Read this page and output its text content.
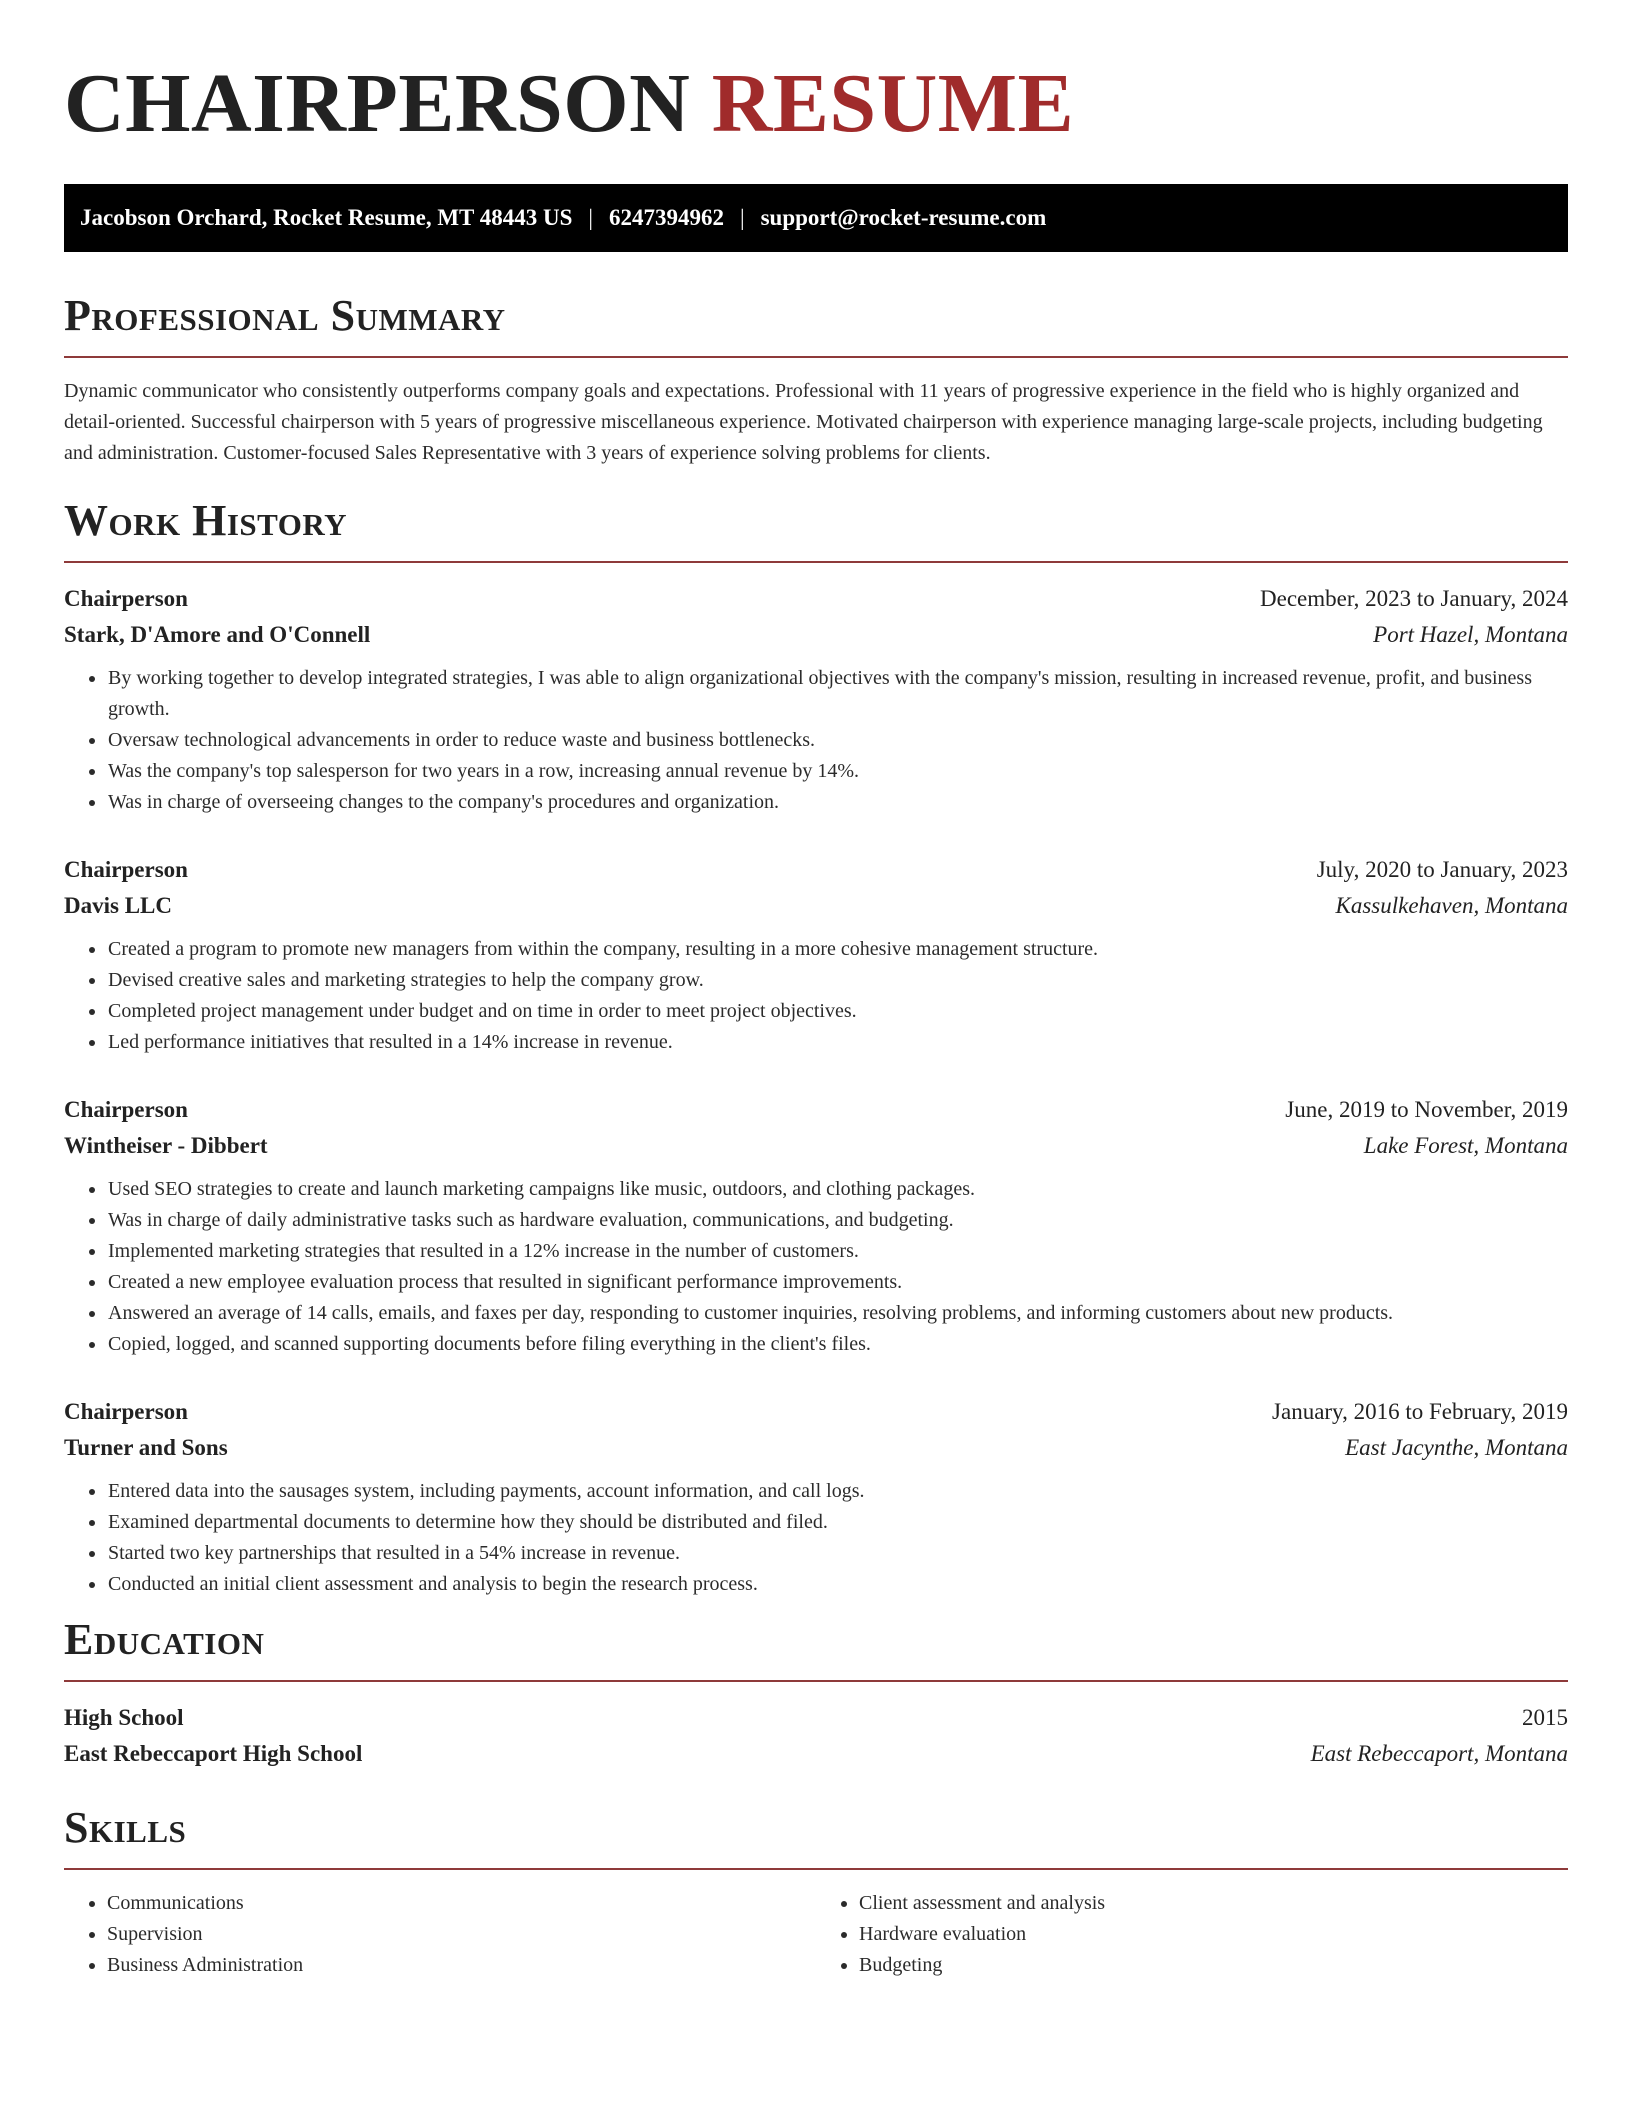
CHAIRPERSON RESUME
Jacobson Orchard, Rocket Resume, MT 48443 US | 6247394962 | support@rocket-resume.com
Professional Summary

Dynamic communicator who consistently outperforms company goals and expectations. Professional with 11 years of progressive experience in the field who is highly organized and detail-oriented. Successful chairperson with 5 years of progressive miscellaneous experience. Motivated chairperson with experience managing large-scale projects, including budgeting and administration. Customer-focused Sales Representative with 3 years of experience solving problems for clients.

Work History
Chairperson	December, 2023 to January, 2024
Stark, D'Amore and O'Connell	Port Hazel, Montana
• By working together to develop integrated strategies, I was able to align organizational objectives with the company's mission, resulting in increased revenue, profit, and business growth.
• Oversaw technological advancements in order to reduce waste and business bottlenecks.
• Was the company's top salesperson for two years in a row, increasing annual revenue by 14%.
• Was in charge of overseeing changes to the company's procedures and organization.
Chairperson	July, 2020 to January, 2023
Davis LLC	Kassulkehaven, Montana
• Created a program to promote new managers from within the company, resulting in a more cohesive management structure.
• Devised creative sales and marketing strategies to help the company grow.
• Completed project management under budget and on time in order to meet project objectives.
• Led performance initiatives that resulted in a 14% increase in revenue.
Chairperson	June, 2019 to November, 2019
Wintheiser - Dibbert	Lake Forest, Montana
• Used SEO strategies to create and launch marketing campaigns like music, outdoors, and clothing packages.
• Was in charge of daily administrative tasks such as hardware evaluation, communications, and budgeting.
• Implemented marketing strategies that resulted in a 12% increase in the number of customers.
• Created a new employee evaluation process that resulted in significant performance improvements.
• Answered an average of 14 calls, emails, and faxes per day, responding to customer inquiries, resolving problems, and informing customers about new products.
• Copied, logged, and scanned supporting documents before filing everything in the client's files.
Chairperson	January, 2016 to February, 2019
Turner and Sons	East Jacynthe, Montana
• Entered data into the sausages system, including payments, account information, and call logs.
• Examined departmental documents to determine how they should be distributed and filed.
• Started two key partnerships that resulted in a 54% increase in revenue.
• Conducted an initial client assessment and analysis to begin the research process.
Education
High School	2015
East Rebeccaport High School	East Rebeccaport, Montana
Skills
• Communications
• Supervision
• Business Administration
• Client assessment and analysis
• Hardware evaluation
• Budgeting
